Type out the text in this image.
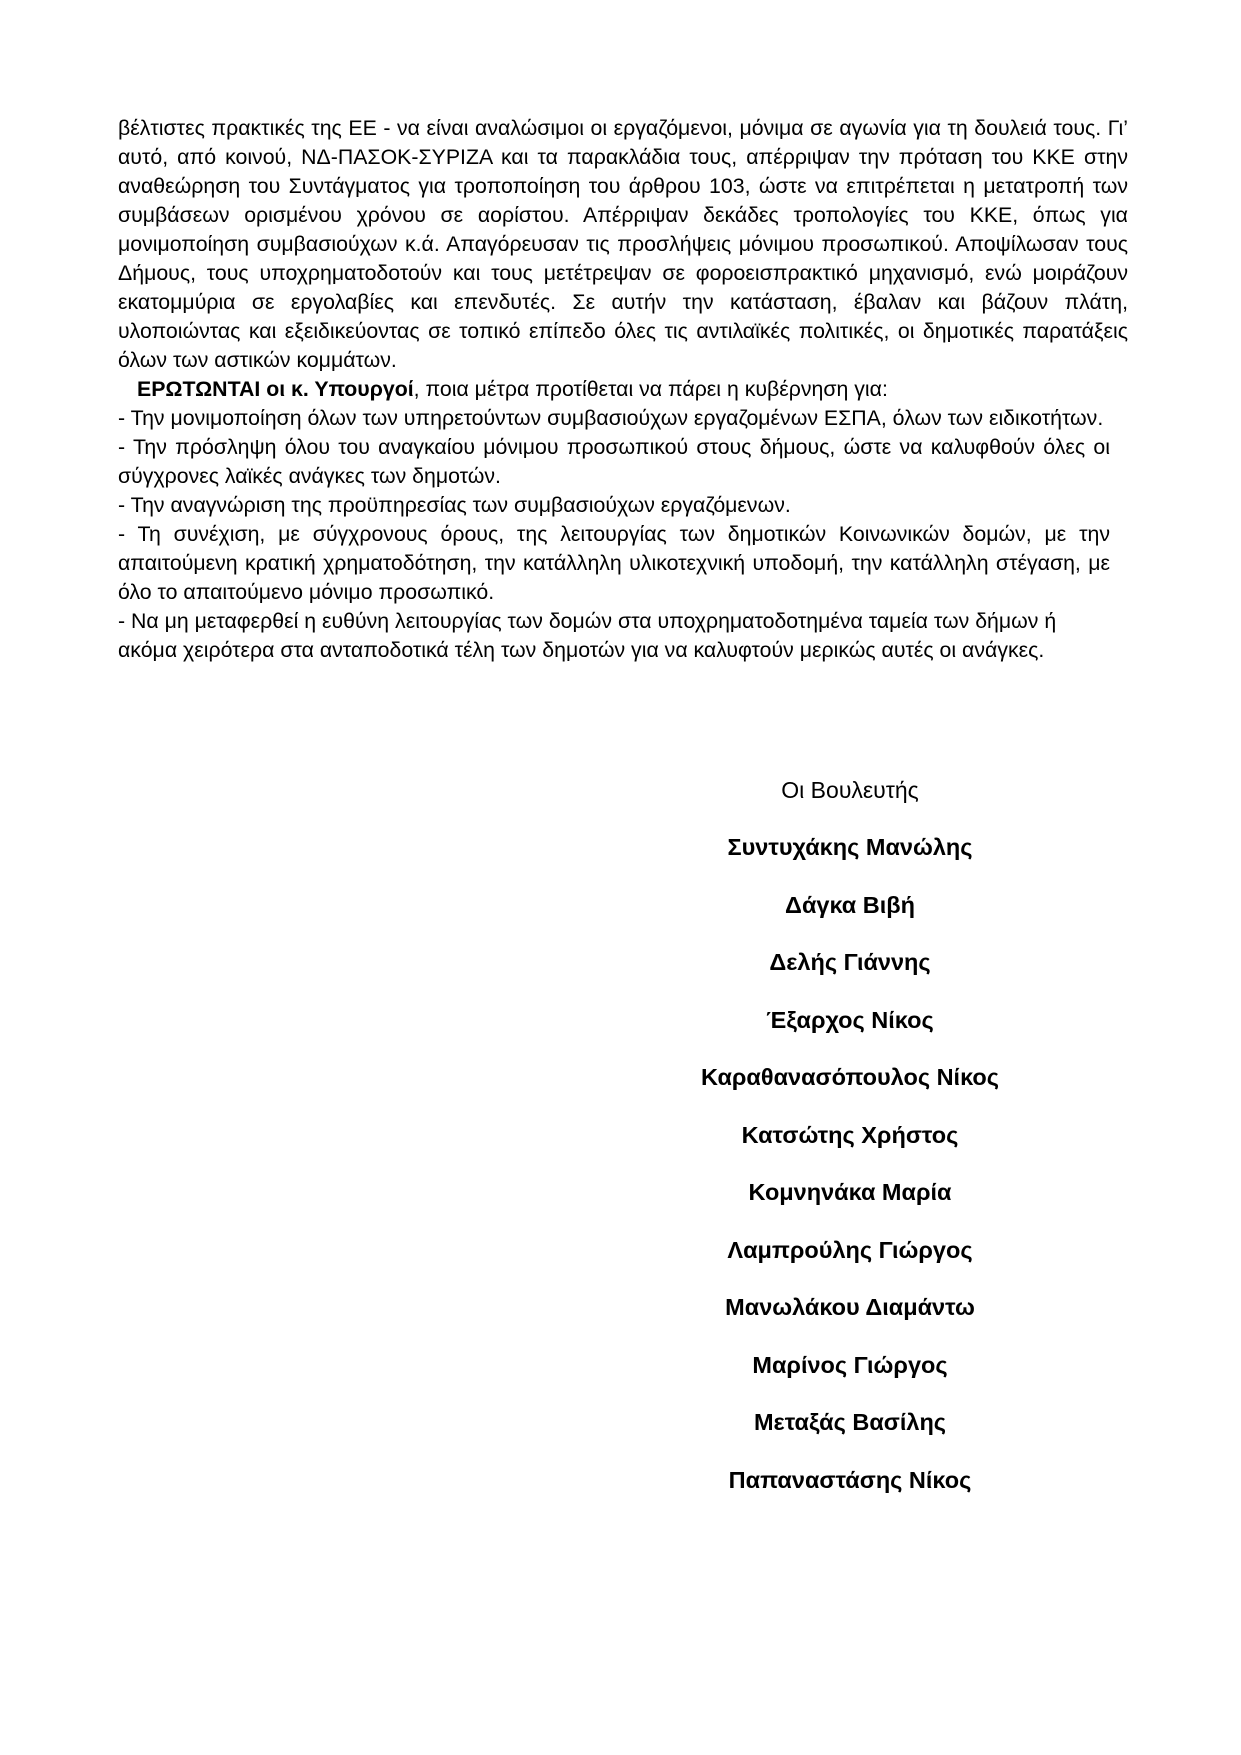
βέλτιστες πρακτικές της ΕΕ - να είναι αναλώσιμοι οι εργαζόμενοι, μόνιμα σε αγωνία για τη δουλειά τους. Γι’ αυτό, από κοινού, ΝΔ-ΠΑΣΟΚ-ΣΥΡΙΖΑ και τα παρακλάδια τους, απέρριψαν την πρόταση του ΚΚΕ στην αναθεώρηση του Συντάγματος για τροποποίηση του άρθρου 103, ώστε να επιτρέπεται η μετατροπή των συμβάσεων ορισμένου χρόνου σε αορίστου. Απέρριψαν δεκάδες τροπολογίες του ΚΚΕ, όπως για μονιμοποίηση συμβασιούχων κ.ά. Απαγόρευσαν τις προσλήψεις μόνιμου προσωπικού. Αποψίλωσαν τους Δήμους, τους υποχρηματοδοτούν και τους μετέτρεψαν σε φοροεισπρακτικό μηχανισμό, ενώ μοιράζουν εκατομμύρια σε εργολαβίες και επενδυτές. Σε αυτήν την κατάσταση, έβαλαν και βάζουν πλάτη, υλοποιώντας και εξειδικεύοντας σε τοπικό επίπεδο όλες τις αντιλαϊκές πολιτικές, οι δημοτικές παρατάξεις όλων των αστικών κομμάτων.

ΕΡΩΤΩΝΤΑΙ οι κ. Υπουργοί, ποια μέτρα προτίθεται να πάρει η κυβέρνηση για:

- Την μονιμοποίηση όλων των υπηρετούντων συμβασιούχων εργαζομένων ΕΣΠΑ, όλων των ειδικοτήτων.

- Την πρόσληψη όλου του αναγκαίου μόνιμου προσωπικού στους δήμους, ώστε να καλυφθούν όλες οι σύγχρονες λαϊκές ανάγκες των δημοτών.

- Την αναγνώριση της προϋπηρεσίας των συμβασιούχων εργαζόμενων.

- Τη συνέχιση, με σύγχρονους όρους, της λειτουργίας των δημοτικών Κοινωνικών δομών, με την απαιτούμενη κρατική χρηματοδότηση, την κατάλληλη υλικοτεχνική υποδομή, την κατάλληλη στέγαση, με όλο το απαιτούμενο μόνιμο προσωπικό.

- Να μη μεταφερθεί η ευθύνη λειτουργίας των δομών στα υποχρηματοδοτημένα ταμεία των δήμων ή ακόμα χειρότερα στα ανταποδοτικά τέλη των δημοτών για να καλυφτούν μερικώς αυτές οι ανάγκες.

Οι Βουλευτής

Συντυχάκης Μανώλης

Δάγκα Βιβή

Δελής Γιάννης

Έξαρχος Νίκος

Καραθανασόπουλος Νίκος

Κατσώτης Χρήστος

Κομνηνάκα Μαρία

Λαμπρούλης Γιώργος

Μανωλάκου Διαμάντω

Μαρίνος Γιώργος

Μεταξάς Βασίλης

Παπαναστάσης Νίκος
